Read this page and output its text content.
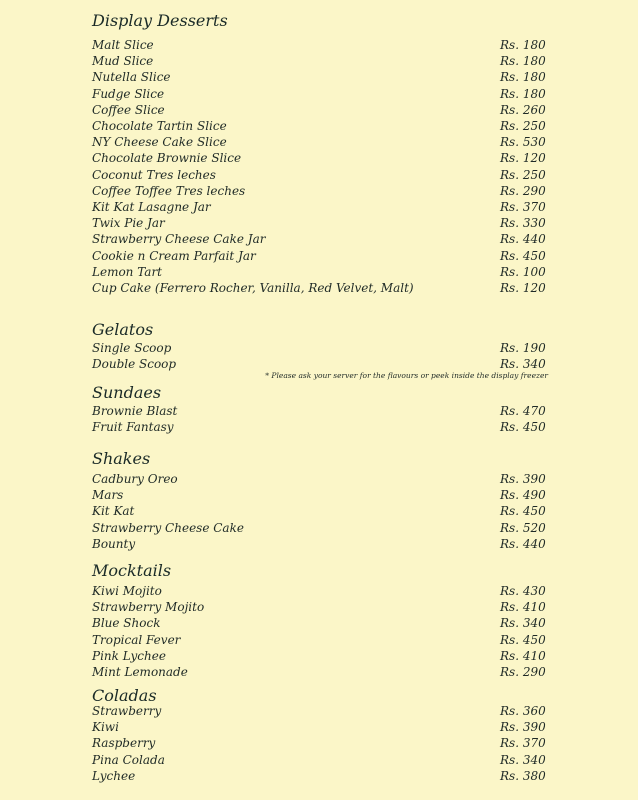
Display Desserts
Malt Slice	Rs. 180
Mud Slice	Rs. 180
Nutella Slice	Rs. 180
Fudge Slice	Rs. 180
Coffee Slice	Rs. 260
Chocolate Tartin Slice	Rs. 250
NY Cheese Cake Slice	Rs. 530
Chocolate Brownie Slice	Rs. 120
Coconut Tres leches	Rs. 250
Coffee Toffee Tres leches	Rs. 290
Kit Kat Lasagne Jar	Rs. 370
Twix Pie Jar	Rs. 330
Strawberry Cheese Cake Jar	Rs. 440
Cookie n Cream Parfait Jar	Rs. 450
Lemon Tart	Rs. 100
Cup Cake (Ferrero Rocher, Vanilla, Red Velvet, Malt)	Rs. 120
Gelatos
Single Scoop	Rs. 190
Double Scoop	Rs. 340
* Please ask your server for the flavours or peek inside the display freezer
Sundaes
Brownie Blast	Rs. 470
Fruit Fantasy	Rs. 450
Shakes
Cadbury Oreo	Rs. 390
Mars	Rs. 490
Kit Kat	Rs. 450
Strawberry Cheese Cake	Rs. 520
Bounty	Rs. 440
Mocktails
Kiwi Mojito	Rs. 430
Strawberry Mojito	Rs. 410
Blue Shock	Rs. 340
Tropical Fever	Rs. 450
Pink Lychee	Rs. 410
Mint Lemonade	Rs. 290
Coladas
Strawberry	Rs. 360
Kiwi	Rs. 390
Raspberry	Rs. 370
Pina Colada	Rs. 340
Lychee	Rs. 380
